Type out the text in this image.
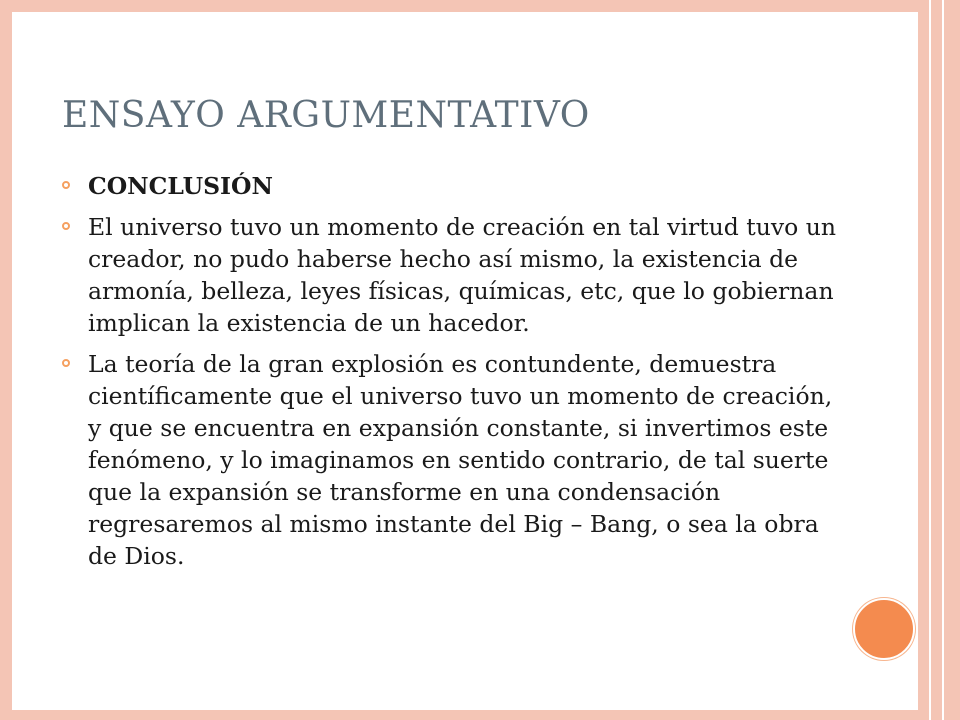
ENSAYO ARGUMENTATIVO
CONCLUSIÓN
El universo tuvo un momento de creación en tal virtud tuvo un creador, no pudo haberse hecho así mismo, la existencia de armonía, belleza, leyes físicas, químicas, etc, que lo gobiernan implican la existencia de un hacedor.
La teoría de la gran explosión es contundente, demuestra científicamente que el universo tuvo un momento de creación, y que se encuentra en expansión constante, si invertimos este fenómeno, y lo imaginamos en sentido contrario, de tal suerte que la expansión se transforme en una condensación regresaremos al mismo instante del Big – Bang, o sea la obra de Dios.
